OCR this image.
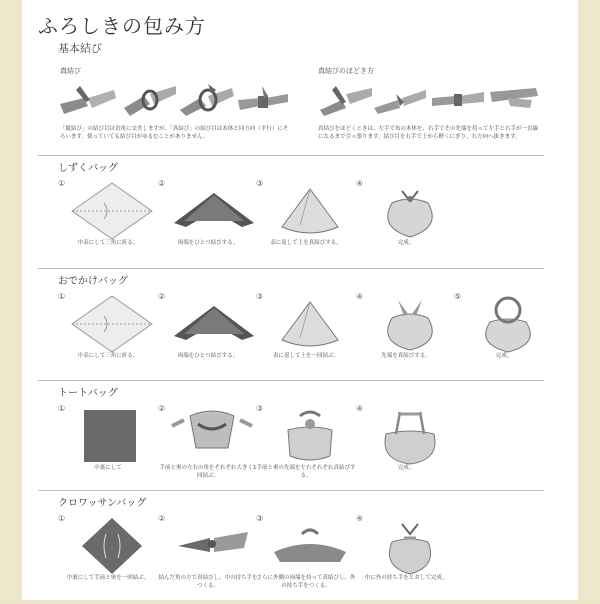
ふろしきの包み方
基本結び
真結び	真結びのほどき方
「縦結び」の結び目は直角に交差しますが、「真結び」の結び目は本体と同方向（平行）にそろいます。使っていても結び目がゆるむことがありません。
真結びをほどくときは、左手で布の本体を、右手でその先端を持って左手と右手が一直線になるまで引っ張ります。結び目を右手で上から軽くにぎり、右方向へ抜きます。
しずくバッグ
①
中表にして三角に折る。
②
両端をひとつ結びする。
③
表に返して上を真結びする。
④
完成。
おでかけバッグ
①
中表にして三角に折る。
②
両端をひとつ結びする。
③
表に返して上を一回結ぶ。
④
先端を真結びする。
⑤
完成。
トートバッグ
①
中裏にして
②
手前と奥の左右の角をそれぞれ大きく1回結ぶ。
③
手前と奥の先端を左右それぞれ真結びする。
④
完成。
クロワッサンバッグ
①
中裏にして手前と奥を一回結ぶ。
②
結んだ角の方で真結びし、中の持ち手をつくる。
③
さらに外側の両端を持って真結びし、外の持ち手をつくる。
④
中に外の持ち手をとおして完成。
